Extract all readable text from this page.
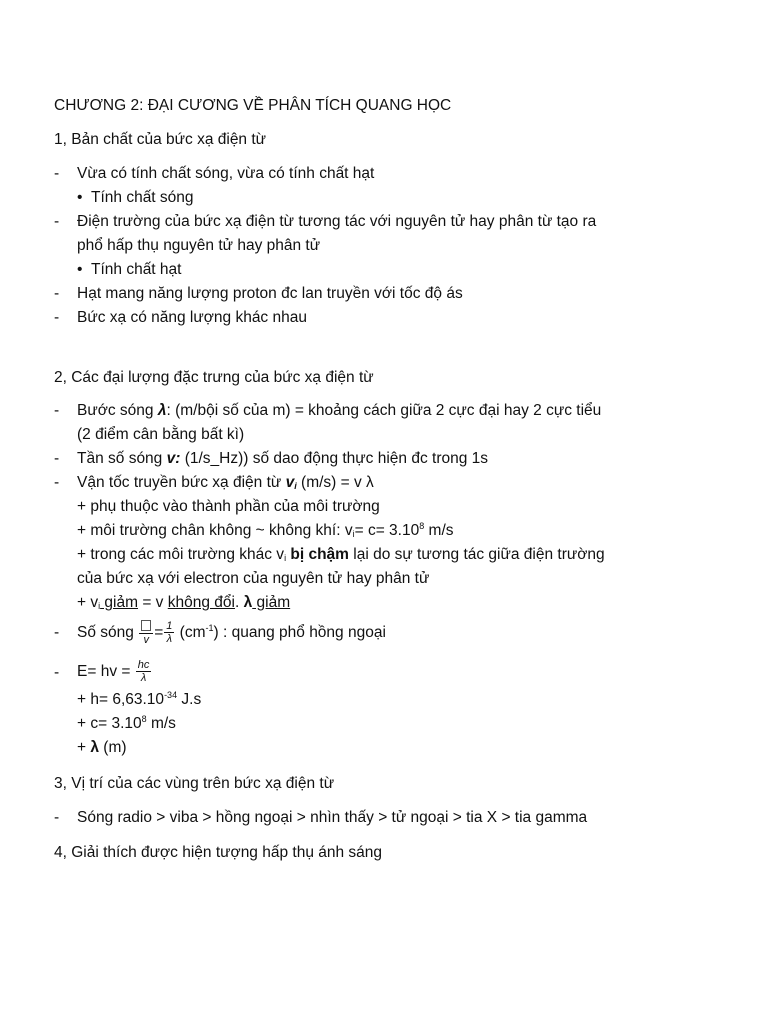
CHƯƠNG 2: ĐẠI CƯƠNG VỀ PHÂN TÍCH QUANG HỌC
1, Bản chất của bức xạ điện từ
- Vừa có tính chất sóng, vừa có tính chất hạt
• Tính chất sóng
- Điện trường của bức xạ điện từ tương tác với nguyên tử hay phân từ tạo ra
phổ hấp thụ nguyên tử hay phân tử
• Tính chất hạt
- Hạt mang năng lượng proton đc lan truyền với tốc độ ás
- Bức xạ có năng lượng khác nhau
2, Các đại lượng đặc trưng của bức xạ điện từ
- Bước sóng λ: (m/bội số của m) = khoảng cách giữa 2 cực đại hay 2 cực tiểu
(2 điểm cân bằng bất kì)
- Tần số sóng v: (1/s_Hz)) số dao động thực hiện đc trong 1s
- Vận tốc truyền bức xạ điện từ $v_i$ (m/s) = v λ
+ phụ thuộc vào thành phần của môi trường
+ môi trường chân không ~ không khí: $v_i= c= 3.10^8$ m/s
+ trong các môi trường khác $v_i$ bị chậm lại do sự tương tác giữa điện trường
của bức xạ với electron của nguyên tử hay phân tử
+ $v_i$ giảm = v không đổi. λ giảm
- Số sóng $v = \frac{1}{\lambda} (cm^{-1})$ : quang phổ hồng ngoại
- E= hv = $\frac{hc}{\lambda}$
+ $h= 6,63.10^{-34}$ J.s
+ $c= 3.10^8$ m/s
+ λ (m)
3, Vị trí của các vùng trên bức xạ điện từ
- Sóng radio > viba > hồng ngoại > nhìn thấy > tử ngoại > tia X > tia gamma
4, Giải thích được hiện tượng hấp thụ ánh sáng
